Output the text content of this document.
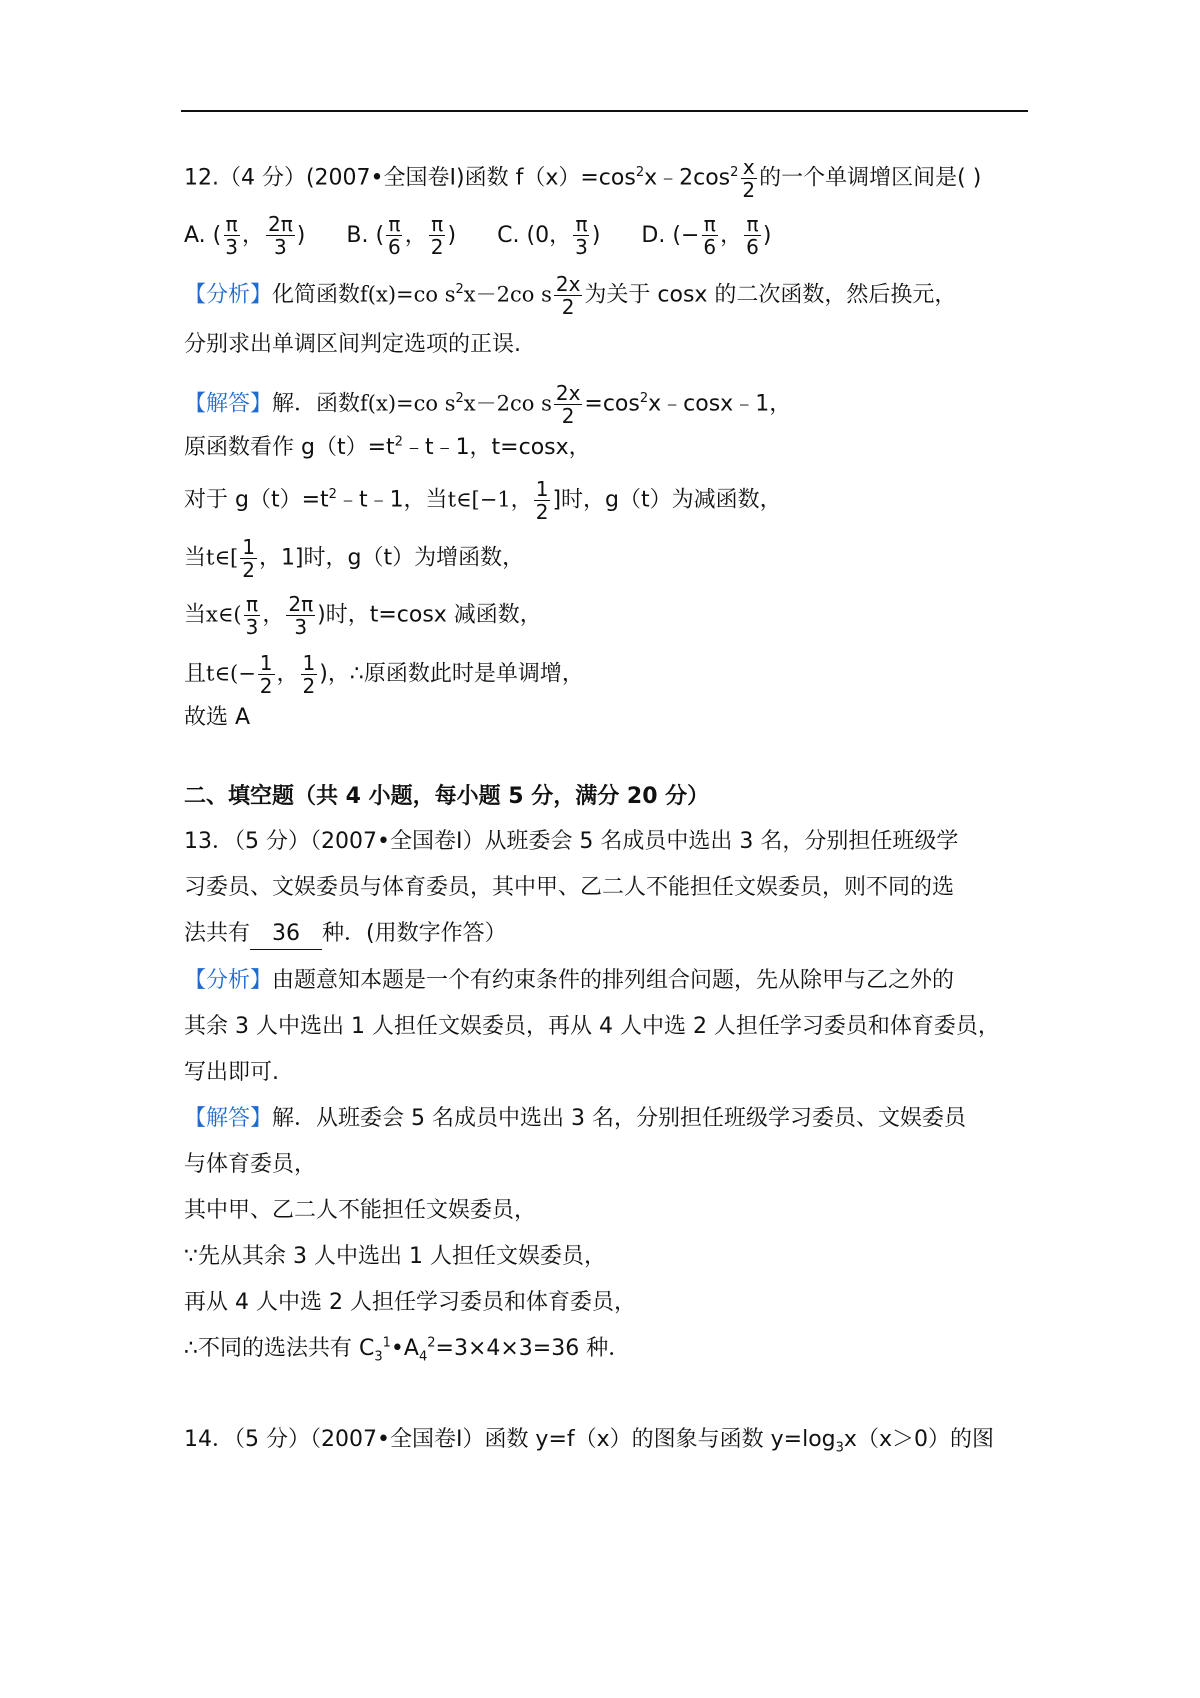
12.（4 分）(2007•全国卷Ⅰ)函数 $f(x)=\cos^2x﹣2\cos^2 \frac{x}{2}$ 的一个单调增区间是( )
A. ( $\frac{\pi}{3}$ ， $\frac{2\pi}{3}$ ) B. ( $\frac{\pi}{6}$ ， $\frac{\pi}{2}$ ) C. (0， $\frac{\pi}{3}$ ) D. (− $\frac{\pi}{6}$ ， $\frac{\pi}{6}$ )
【分析】化简函数f(x)=co $s^2x-2co$ s $\frac{2x}{2}$ 为关于 cosx 的二次函数，然后换元，
分别求出单调区间判定选项的正误.
【解答】解．函数f(x)=co $s^2x-2co$ s $\frac{2x}{2}$ $=\cos^2x﹣\cos x﹣1$，
原函数看作 $g(t)=t^2﹣t﹣1$，t=cosx，
对于 $g(t)=t^2﹣t﹣1$，当t∈[−1， $\frac{1}{2}$ ]时，g（t）为减函数，
当t∈[ $\frac{1}{2}$ ，1]时，g（t）为增函数，
当x∈( $\frac{\pi}{3}$ ， $\frac{2\pi}{3}$ )时，t=cosx 减函数，
且t∈(− $\frac{1}{2}$ ， $\frac{1}{2}$ )，∴原函数此时是单调增，
故选 A
二、填空题（共 4 小题，每小题 5 分，满分 20 分）
13．（5 分）（2007•全国卷Ⅰ）从班委会 5 名成员中选出 3 名，分别担任班级学
习委员、文娱委员与体育委员，其中甲、乙二人不能担任文娱委员，则不同的选
法共有 36 种．(用数字作答）
【分析】由题意知本题是一个有约束条件的排列组合问题，先从除甲与乙之外的
其余 3 人中选出 1 人担任文娱委员，再从 4 人中选 2 人担任学习委员和体育委员，
写出即可.
【解答】解．从班委会 5 名成员中选出 3 名，分别担任班级学习委员、文娱委员
与体育委员，
其中甲、乙二人不能担任文娱委员，
∵先从其余 3 人中选出 1 人担任文娱委员，
再从 4 人中选 2 人担任学习委员和体育委员，
∴不同的选法共有 $C_3^1•A_4^2=3\times 4\times 3=36$ 种．
14．（5 分）（2007•全国卷Ⅰ）函数 y=f（x）的图象与函数 $y=\log_3x(x>0)$的图
